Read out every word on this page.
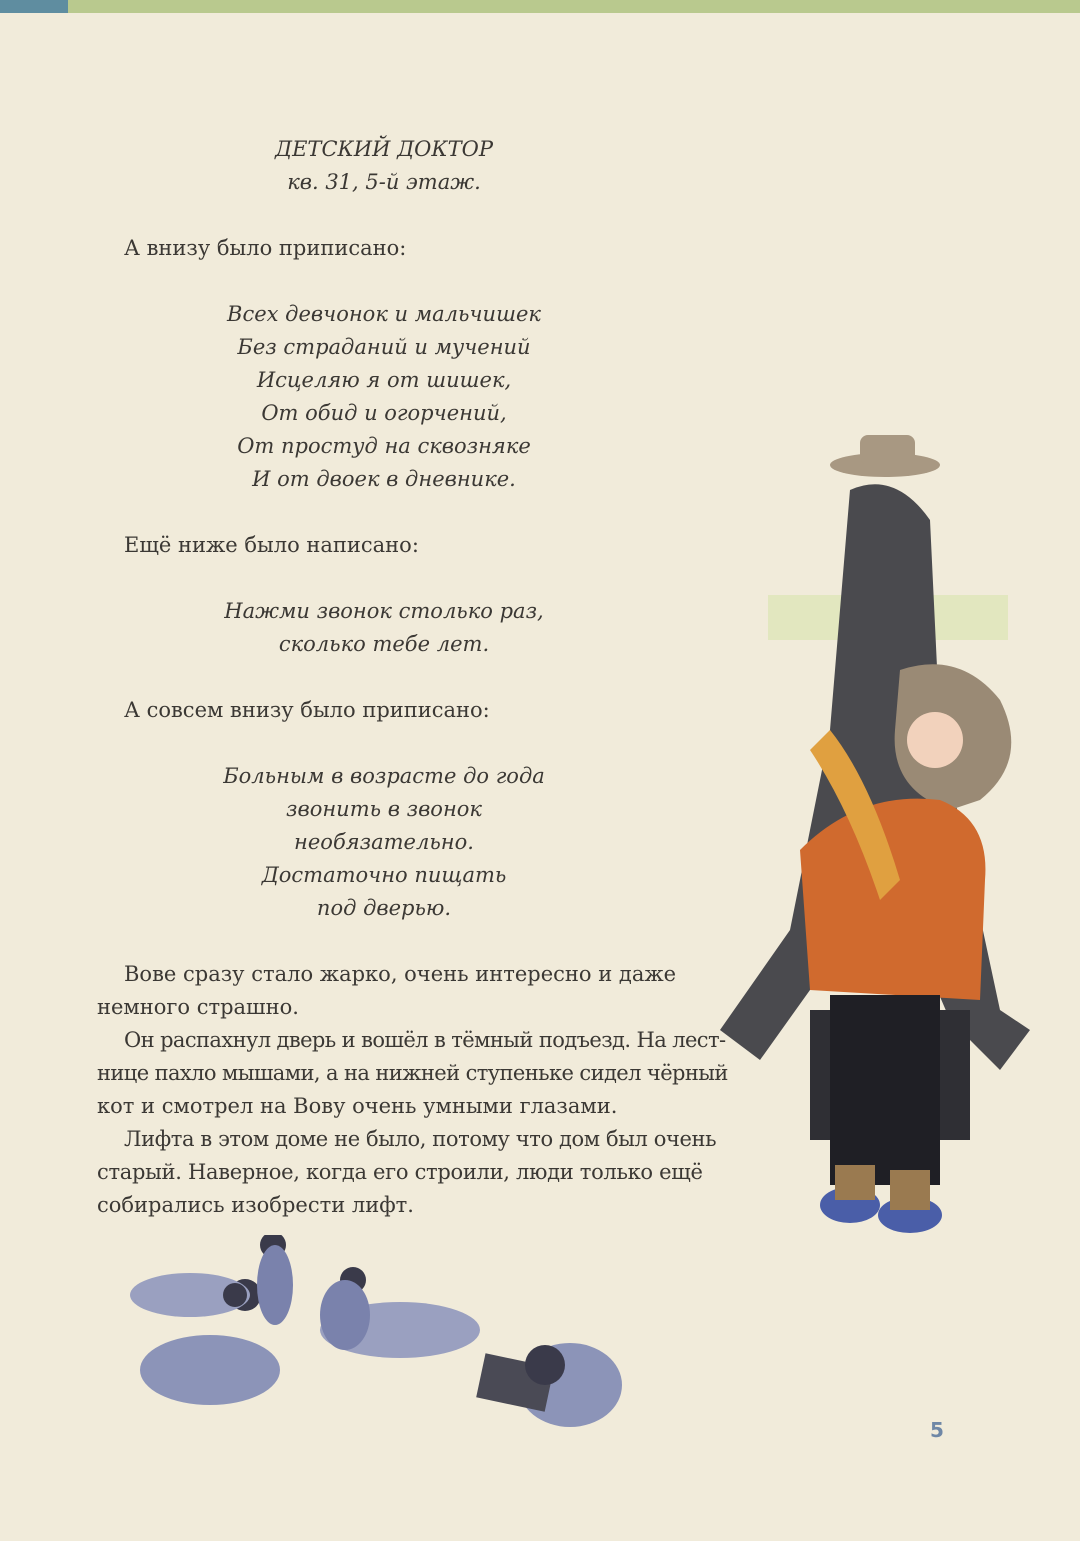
ДЕТСКИЙ ДОКТОР
кв. 31, 5-й этаж.
А внизу было приписано:
Всех девчонок и мальчишек
Без страданий и мучений
Исцеляю я от шишек,
От обид и огорчений,
От простуд на сквозняке
И от двоек в дневнике.
Ещё ниже было написано:
Нажми звонок столько раз,
сколько тебе лет.
А совсем внизу было приписано:
Больным в возрасте до года
звонить в звонок
необязательно.
Достаточно пищать
под дверью.
Вове сразу стало жарко, очень интересно и даже
немного страшно.
Он распахнул дверь и вошёл в тёмный подъезд. На лест-
нице пахло мышами, а на нижней ступеньке сидел чёрный
кот и смотрел на Вову очень умными глазами.
Лифта в этом доме не было, потому что дом был очень
старый. Наверное, когда его строили, люди только ещё
собирались изобрести лифт.
5
